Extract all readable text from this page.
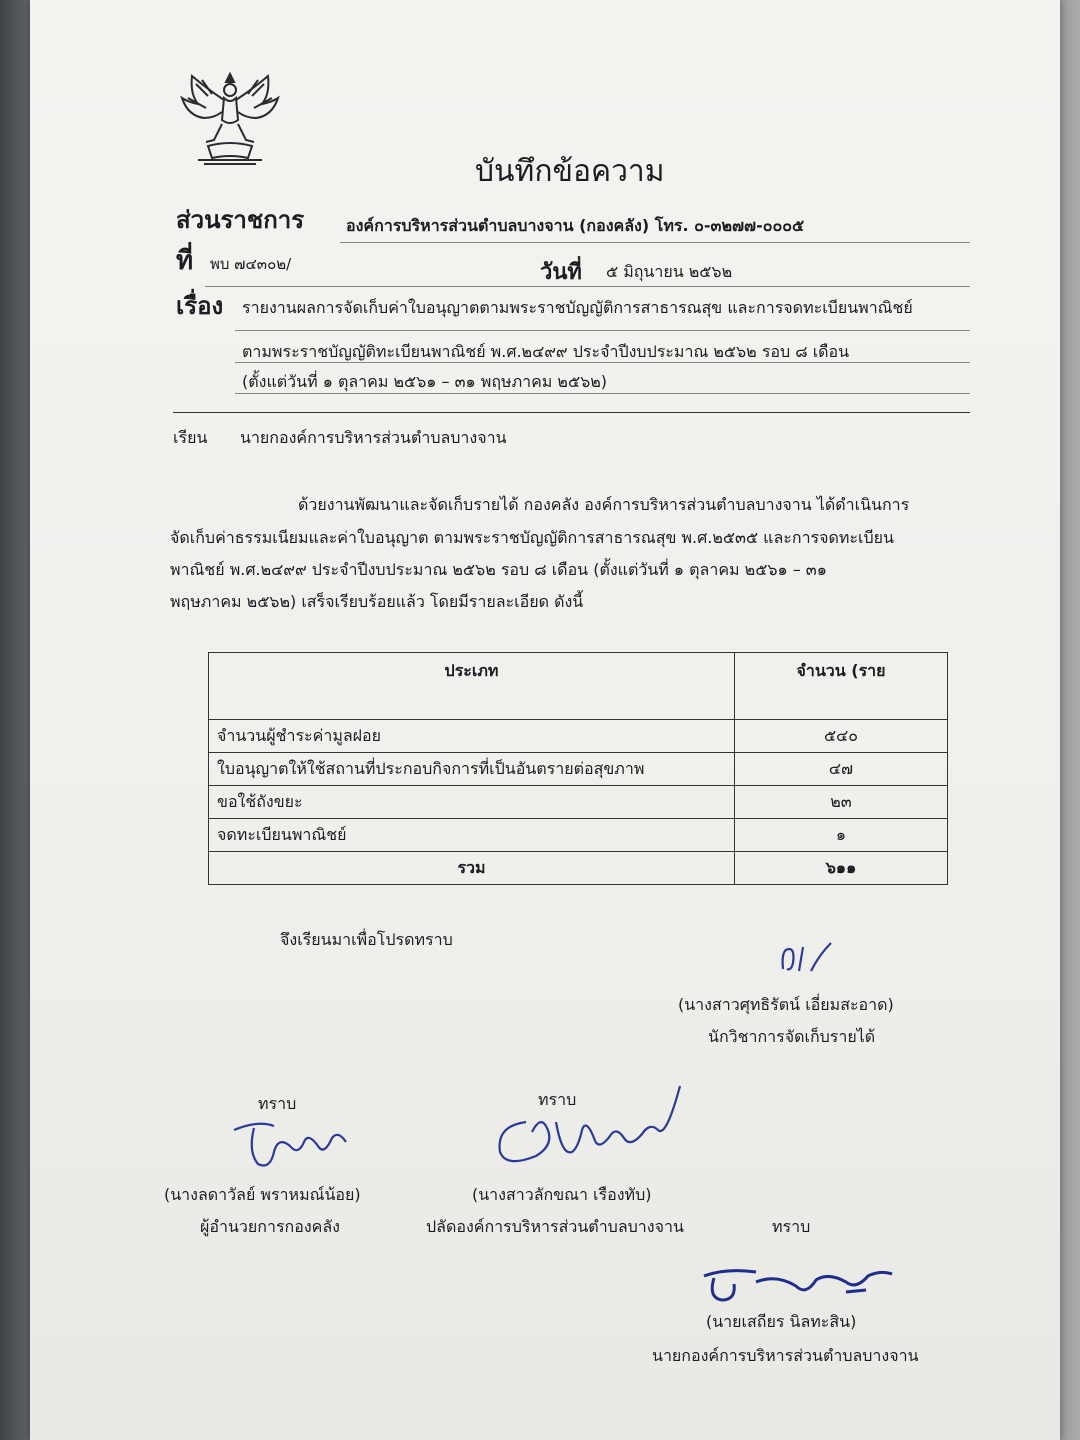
บันทึกข้อความ
ส่วนราชการ	องค์การบริหารส่วนตำบลบางจาน (กองคลัง) โทร. ๐-๓๒๗๗-๐๐๐๕
ที่ พบ ๗๔๓๐๒/	วันที่ ๕ มิถุนายน ๒๕๖๒
เรื่อง รายงานผลการจัดเก็บค่าใบอนุญาตตามพระราชบัญญัติการสาธารณสุข และการจดทะเบียนพาณิชย์
ตามพระราชบัญญัติทะเบียนพาณิชย์ พ.ศ.๒๔๙๙ ประจำปีงบประมาณ ๒๕๖๒ รอบ ๘ เดือน
(ตั้งแต่วันที่ ๑ ตุลาคม ๒๕๖๑ – ๓๑ พฤษภาคม ๒๕๖๒)
เรียน นายกองค์การบริหารส่วนตำบลบางจาน
ด้วยงานพัฒนาและจัดเก็บรายได้ กองคลัง องค์การบริหารส่วนตำบลบางจาน ได้ดำเนินการ
จัดเก็บค่าธรรมเนียมและค่าใบอนุญาต ตามพระราชบัญญัติการสาธารณสุข พ.ศ.๒๕๓๕ และการจดทะเบียน
พาณิชย์ พ.ศ.๒๔๙๙ ประจำปีงบประมาณ ๒๕๖๒ รอบ ๘ เดือน (ตั้งแต่วันที่ ๑ ตุลาคม ๒๕๖๑ – ๓๑
พฤษภาคม ๒๕๖๒) เสร็จเรียบร้อยแล้ว โดยมีรายละเอียด ดังนี้
ประเภท	จำนวน (ราย
จำนวนผู้ชำระค่ามูลฝอย	๕๔๐
ใบอนุญาตให้ใช้สถานที่ประกอบกิจการที่เป็นอันตรายต่อสุขภาพ	๔๗
ขอใช้ถังขยะ	๒๓
จดทะเบียนพาณิชย์	๑
รวม	๖๑๑
จึงเรียนมาเพื่อโปรดทราบ
(นางสาวศุทธิรัตน์ เอี่ยมสะอาด)
นักวิชาการจัดเก็บรายได้
ทราบ
(นางลดาวัลย์ พราหมณ์น้อย)
ผู้อำนวยการกองคลัง
ทราบ
(นางสาวลักขณา เรืองทับ)
ปลัดองค์การบริหารส่วนตำบลบางจาน	ทราบ
(นายเสถียร นิลทะสิน)
นายกองค์การบริหารส่วนตำบลบางจาน
